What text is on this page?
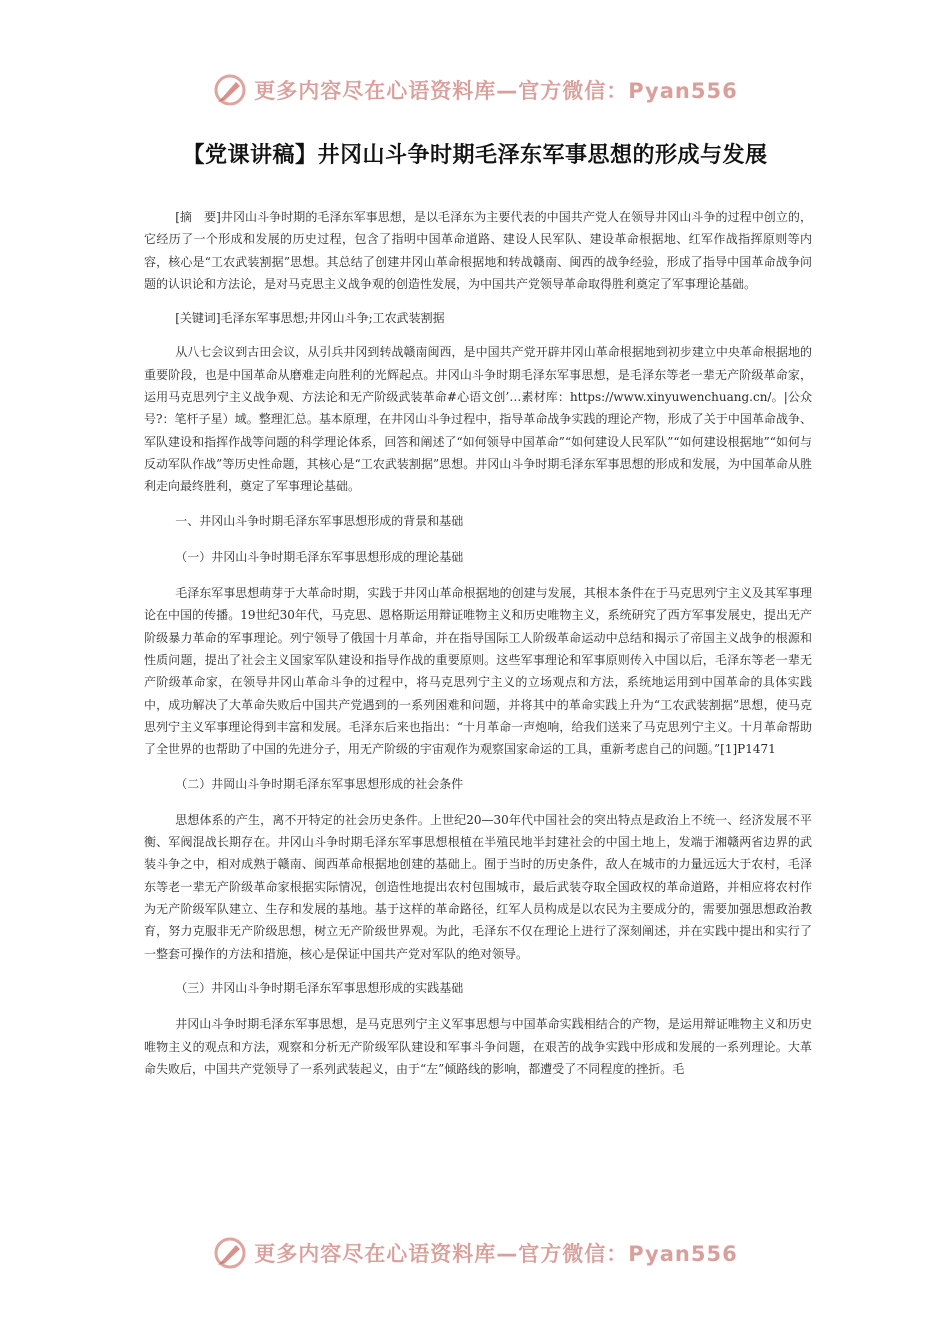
更多内容尽在心语资料库—官方微信：Pyan556
【党课讲稿】井冈山斗争时期毛泽东军事思想的形成与发展

[摘　要]井冈山斗争时期的毛泽东军事思想，是以毛泽东为主要代表的中国共产党人在领导井冈山斗争的过程中创立的，它经历了一个形成和发展的历史过程，包含了指明中国革命道路、建设人民军队、建设革命根据地、红军作战指挥原则等内容，核心是“工农武装割据”思想。其总结了创建井冈山革命根据地和转战赣南、闽西的战争经验，形成了指导中国革命战争问题的认识论和方法论，是对马克思主义战争观的创造性发展，为中国共产党领导革命取得胜利奠定了军事理论基础。

[关键词]毛泽东军事思想;井冈山斗争;工农武装割据

从八七会议到古田会议，从引兵井冈到转战赣南闽西，是中国共产党开辟井冈山革命根据地到初步建立中央革命根据地的重要阶段，也是中国革命从磨难走向胜利的光辉起点。井冈山斗争时期毛泽东军事思想，是毛泽东等老一辈无产阶级革命家，运用马克思列宁主义战争观、方法论和无产阶级武装革命#心语文创’…素材库：https://www.xinyuwenchuang.cn/。|公众号?：笔杆子星）域。整理汇总。基本原理，在井冈山斗争过程中，指导革命战争实践的理论产物，形成了关于中国革命战争、军队建设和指挥作战等问题的科学理论体系，回答和阐述了“如何领导中国革命”“如何建设人民军队”“如何建设根据地”“如何与反动军队作战”等历史性命题，其核心是“工农武装割据”思想。井冈山斗争时期毛泽东军事思想的形成和发展，为中国革命从胜利走向最终胜利，奠定了军事理论基础。

一、井冈山斗争时期毛泽东军事思想形成的背景和基础

（一）井冈山斗争时期毛泽东军事思想形成的理论基础

毛泽东军事思想萌芽于大革命时期，实践于井冈山革命根据地的创建与发展，其根本条件在于马克思列宁主义及其军事理论在中国的传播。19世纪30年代，马克思、恩格斯运用辩证唯物主义和历史唯物主义，系统研究了西方军事发展史，提出无产阶级暴力革命的军事理论。列宁领导了俄国十月革命，并在指导国际工人阶级革命运动中总结和揭示了帝国主义战争的根源和性质问题，提出了社会主义国家军队建设和指导作战的重要原则。这些军事理论和军事原则传入中国以后，毛泽东等老一辈无产阶级革命家，在领导井冈山革命斗争的过程中，将马克思列宁主义的立场观点和方法，系统地运用到中国革命的具体实践中，成功解决了大革命失败后中国共产党遇到的一系列困难和问题，并将其中的革命实践上升为“工农武装割据”思想，使马克思列宁主义军事理论得到丰富和发展。毛泽东后来也指出：“十月革命一声炮响，给我们送来了马克思列宁主义。十月革命帮助了全世界的也帮助了中国的先进分子，用无产阶级的宇宙观作为观察国家命运的工具，重新考虑自己的问题。”[1]P1471

（二）井岡山斗争时期毛泽东军事思想形成的社会条件

思想体系的产生，离不开特定的社会历史条件。上世纪20—30年代中国社会的突出特点是政治上不统一、经济发展不平衡、军阀混战长期存在。井冈山斗争时期毛泽东军事思想根植在半殖民地半封建社会的中国土地上，发端于湘赣两省边界的武装斗争之中，相对成熟于赣南、闽西革命根据地创建的基础上。囿于当时的历史条件，敌人在城市的力量远远大于农村，毛泽东等老一辈无产阶级革命家根据实际情况，创造性地提出农村包围城市，最后武装夺取全国政权的革命道路，并相应将农村作为无产阶级军队建立、生存和发展的基地。基于这样的革命路径，红军人员构成是以农民为主要成分的，需要加强思想政治教育，努力克服非无产阶级思想，树立无产阶级世界观。为此，毛泽东不仅在理论上进行了深刻阐述，并在实践中提出和实行了一整套可操作的方法和措施，核心是保证中国共产党对军队的绝对领导。

（三）井冈山斗争时期毛泽东军事思想形成的实践基础

井冈山斗争时期毛泽东军事思想，是马克思列宁主义军事思想与中国革命实践相结合的产物，是运用辩证唯物主义和历史唯物主义的观点和方法，观察和分析无产阶级军队建设和军事斗争问题，在艰苦的战争实践中形成和发展的一系列理论。大革命失败后，中国共产党领导了一系列武装起义，由于“左”倾路线的影响，都遭受了不同程度的挫折。毛

更多内容尽在心语资料库—官方微信：Pyan556
